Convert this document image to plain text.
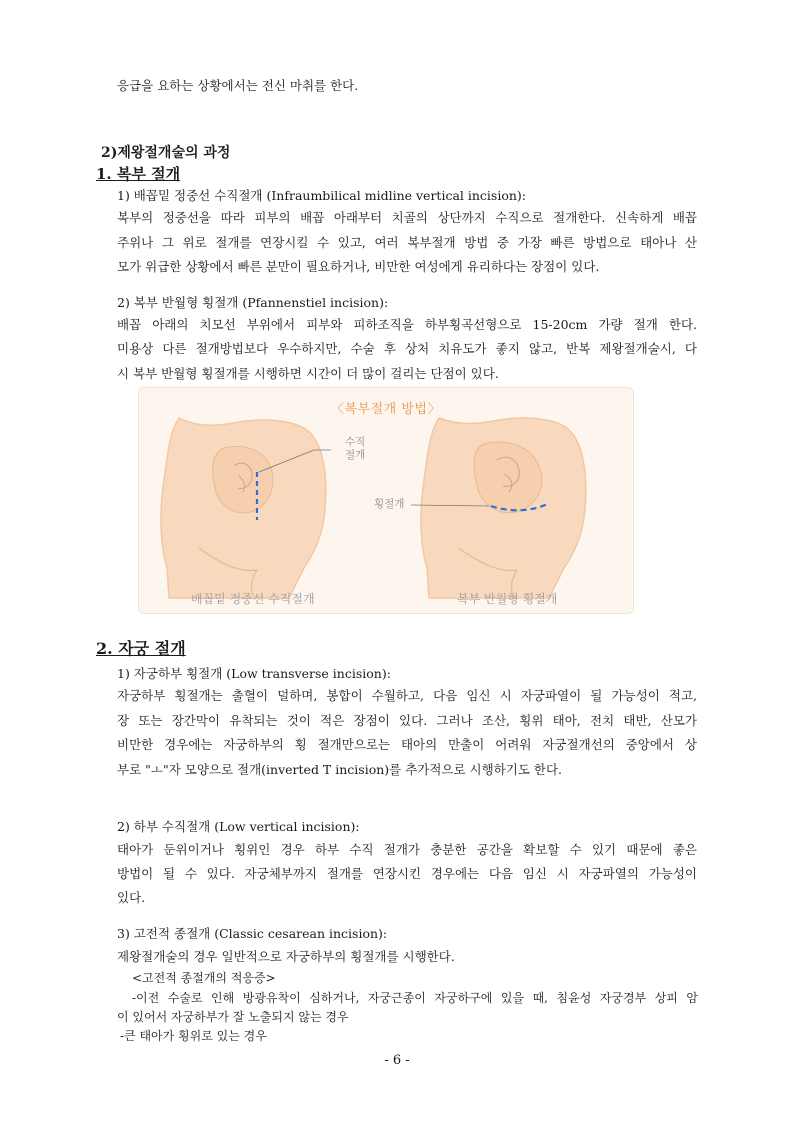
응급을 요하는 상황에서는 전신 마취를 한다.
2)제왕절개술의 과정
1. 복부 절개
1) 배꼽밑 정중선 수직절개 (Infraumbilical midline vertical incision):
복부의 정중선을 따라 피부의 배꼽 아래부터 치골의 상단까지 수직으로 절개한다. 신속하게 배꼽
주위나 그 위로 절개를 연장시킬 수 있고, 여러 복부절개 방법 중 가장 빠른 방법으로 태아나 산
모가 위급한 상황에서 빠른 분만이 필요하거나, 비만한 여성에게 유리하다는 장점이 있다.
2) 복부 반월형 횡절개 (Pfannenstiel incision):
배꼽 아래의 치모선 부위에서 피부와 피하조직을 하부횡곡선형으로 15-20cm 가량 절개 한다.
미용상 다른 절개방법보다 우수하지만, 수술 후 상처 치유도가 좋지 않고, 반복 제왕절개술시, 다
시 복부 반월형 횡절개를 시행하면 시간이 더 많이 걸리는 단점이 있다.
〈복부절개 방법〉
수직
절개
횡절개
배꼽밑 정중선 수직절개	복부 반월형 횡절개
2. 자궁 절개
1) 자궁하부 횡절개 (Low transverse incision):
자궁하부 횡절개는 출혈이 덜하며, 봉합이 수월하고, 다음 임신 시 자궁파열이 될 가능성이 적고,
장 또는 장간막이 유착되는 것이 적은 장점이 있다. 그러나 조산, 횡위 태아, 전치 태반, 산모가
비만한 경우에는 자궁하부의 횡 절개만으로는 태아의 만출이 어려워 자궁절개선의 중앙에서 상
부로 "ㅗ"자 모양으로 절개(inverted T incision)를 추가적으로 시행하기도 한다.
2) 하부 수직절개 (Low vertical incision):
태아가 둔위이거나 횡위인 경우 하부 수직 절개가 충분한 공간을 확보할 수 있기 때문에 좋은
방법이 될 수 있다. 자궁체부까지 절개를 연장시킨 경우에는 다음 임신 시 자궁파열의 가능성이
있다.
3) 고전적 종절개 (Classic cesarean incision):
제왕절개술의 경우 일반적으로 자궁하부의 횡절개를 시행한다.
<고전적 종절개의 적응증>
-이전 수술로 인해 방광유착이 심하거나, 자궁근종이 자궁하구에 있을 때, 침윤성 자궁경부 상피 암
이 있어서 자궁하부가 잘 노출되지 않는 경우
-큰 태아가 횡위로 있는 경우
- 6 -
